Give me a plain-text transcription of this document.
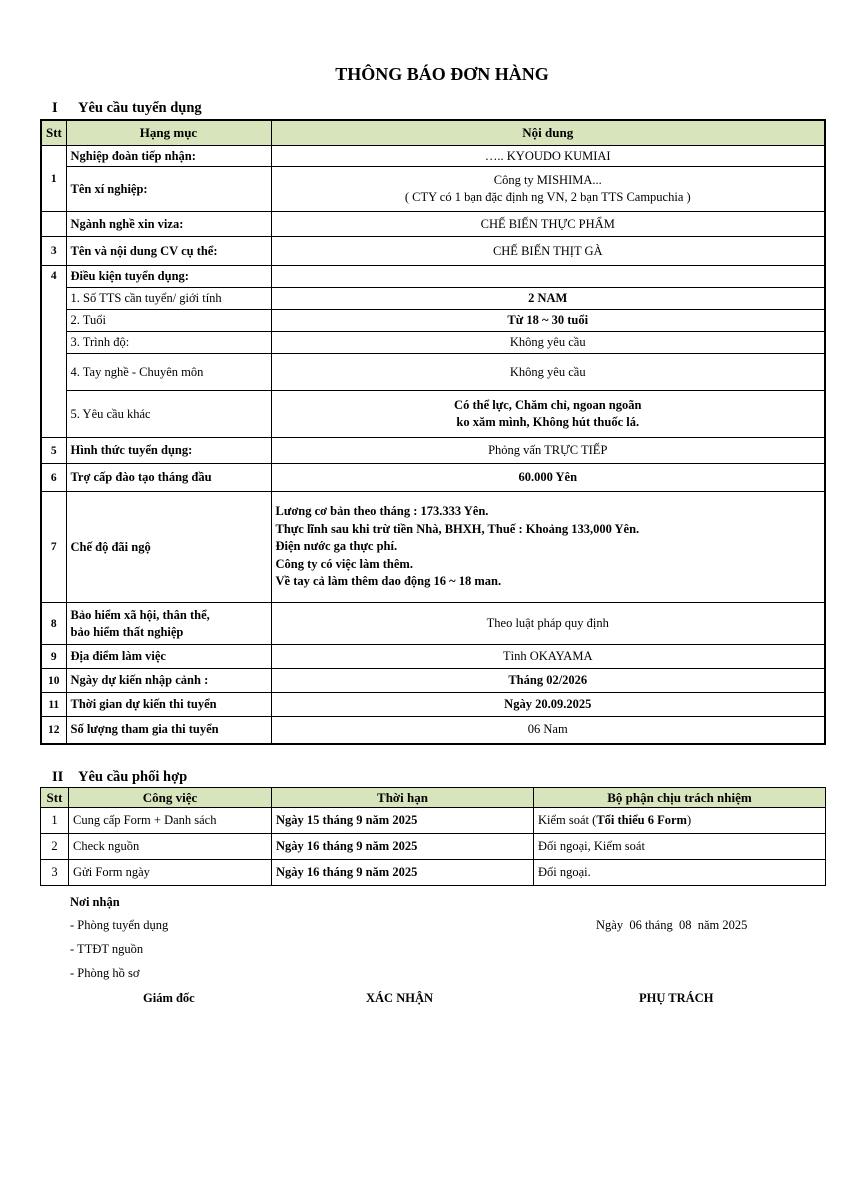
THÔNG BÁO ĐƠN HÀNG
I Yêu cầu tuyển dụng
Stt	Hạng mục	Nội dung
1	Nghiệp đoàn tiếp nhận:	….. KYOUDO KUMIAI
	Tên xí nghiệp:	Công ty MISHIMA...
( CTY có 1 bạn đặc định ng VN, 2 bạn TTS Campuchia )

	Ngành nghề xin viza:	CHẾ BIẾN THỰC PHẨM
3	Tên và nội dung CV cụ thể:	CHẾ BIẾN THỊT GÀ
4	Điều kiện tuyển dụng:	
	1. Số TTS cần tuyển/ giới tính	2 NAM
	2. Tuổi	Từ 18 ~ 30 tuổi
	3. Trình độ:	Không yêu cầu
	4. Tay nghề - Chuyên môn	Không yêu cầu
	5. Yêu cầu khác	Có thể lực, Chăm chỉ, ngoan ngoãn
ko xăm mình, Không hút thuốc lá.

5	Hình thức tuyển dụng:	Phỏng vấn TRỰC TIẾP
6	Trợ cấp đào tạo tháng đầu	60.000 Yên
7	Chế độ đãi ngộ	Lương cơ bản theo tháng : 173.333 Yên.
Thực lĩnh sau khi trừ tiền Nhà, BHXH, Thuế : Khoảng 133,000 Yên.
Điện nước ga thực phí.
Công ty có việc làm thêm.
Về tay cả làm thêm dao động 16 ~ 18 man.

8	Bảo hiểm xã hội, thân thể,
bảo hiểm thất nghiệp	Theo luật pháp quy định
9	Địa điểm làm việc	Tỉnh OKAYAMA
10	Ngày dự kiến nhập cảnh :	Tháng 02/2026
11	Thời gian dự kiến thi tuyển	Ngày 20.09.2025
12	Số lượng tham gia thi tuyển	06 Nam
II Yêu cầu phối hợp
Stt	Công việc	Thời hạn	Bộ phận chịu trách nhiệm
1	Cung cấp Form + Danh sách	Ngày 15 tháng 9 năm 2025	Kiểm soát (Tối thiểu 6 Form)
2	Check nguồn	Ngày 16 tháng 9 năm 2025	Đối ngoại, Kiểm soát
3	Gửi Form ngày	Ngày 16 tháng 9 năm 2025	Đối ngoại.
Nơi nhận
- Phòng tuyển dụng
- TTĐT nguồn
- Phòng hồ sơ
Ngày  06 tháng  08  năm 2025
Giám đốc	XÁC NHẬN	PHỤ TRÁCH
